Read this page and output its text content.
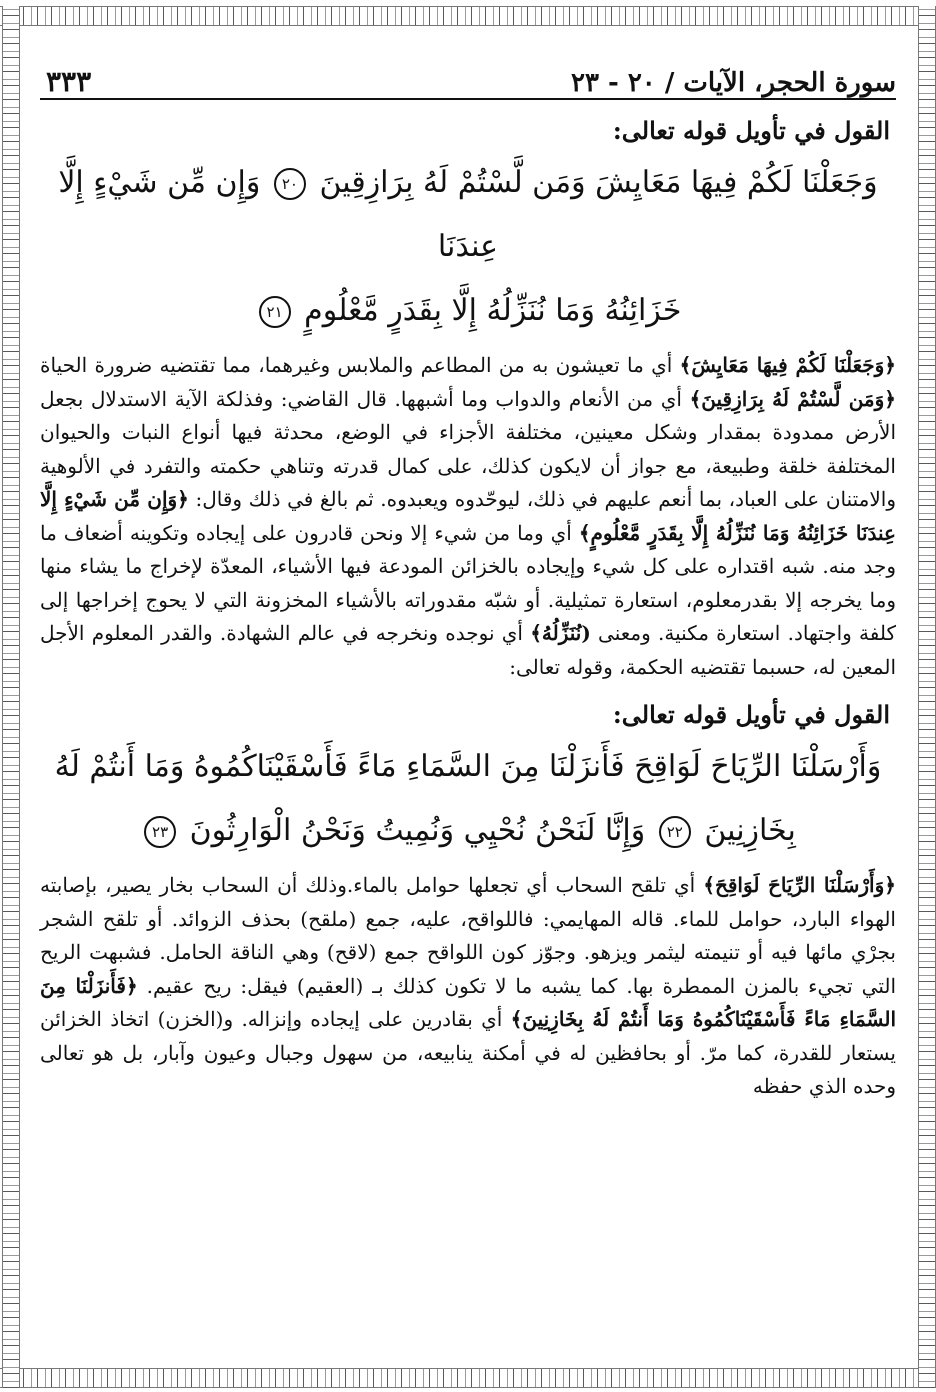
سورة الحجر، الآيات / ٢٠ - ٢٣
٣٣٣
القول في تأويل قوله تعالى:
وَجَعَلْنَا لَكُمْ فِيهَا مَعَايِشَ وَمَن لَّسْتُمْ لَهُ بِرَازِقِينَ ٢٠ وَإِن مِّن شَيْءٍ إِلَّا عِندَنَا
خَزَائِنُهُ وَمَا نُنَزِّلُهُ إِلَّا بِقَدَرٍ مَّعْلُومٍ ٢١

﴿وَجَعَلْنَا لَكُمْ فِيهَا مَعَايِشَ﴾ أي ما تعيشون به من المطاعم والملابس وغيرهما، مما تقتضيه ضرورة الحياة ﴿وَمَن لَّسْتُمْ لَهُ بِرَازِقِينَ﴾ أي من الأنعام والدواب وما أشبهها. قال القاضي: وفذلكة الآية الاستدلال بجعل الأرض ممدودة بمقدار وشكل معينين، مختلفة الأجزاء في الوضع، محدثة فيها أنواع النبات والحيوان المختلفة خلقة وطبيعة، مع جواز أن لايكون كذلك، على كمال قدرته وتناهي حكمته والتفرد في الألوهية والامتنان على العباد، بما أنعم عليهم في ذلك، ليوحّدوه ويعبدوه. ثم بالغ في ذلك وقال: ﴿وَإِن مِّن شَيْءٍ إِلَّا عِندَنَا خَزَائِنُهُ وَمَا نُنَزِّلُهُ إِلَّا بِقَدَرٍ مَّعْلُومٍ﴾ أي وما من شيء إلا ونحن قادرون على إيجاده وتكوينه أضعاف ما وجد منه. شبه اقتداره على كل شيء وإيجاده بالخزائن المودعة فيها الأشياء، المعدّة لإخراج ما يشاء منها وما يخرجه إلا بقدرمعلوم، استعارة تمثيلية. أو شبّه مقدوراته بالأشياء المخزونة التي لا يحوج إخراجها إلى كلفة واجتهاد. استعارة مكنية. ومعنى (نُنَزِّلُهُ﴾ أي نوجده ونخرجه في عالم الشهادة. والقدر المعلوم الأجل المعين له، حسبما تقتضيه الحكمة، وقوله تعالى:

القول في تأويل قوله تعالى:
وَأَرْسَلْنَا الرِّيَاحَ لَوَاقِحَ فَأَنزَلْنَا مِنَ السَّمَاءِ مَاءً فَأَسْقَيْنَاكُمُوهُ وَمَا أَنتُمْ لَهُ
بِخَازِنِينَ ٢٢ وَإِنَّا لَنَحْنُ نُحْيِي وَنُمِيتُ وَنَحْنُ الْوَارِثُونَ ٢٣

﴿وَأَرْسَلْنَا الرِّيَاحَ لَوَاقِحَ﴾ أي تلقح السحاب أي تجعلها حوامل بالماء.وذلك أن السحاب بخار يصير، بإصابته الهواء البارد، حوامل للماء. قاله المهايمي: فاللواقح، عليه، جمع (ملقح) بحذف الزوائد. أو تلقح الشجر بجرْي مائها فيه أو تنيمته ليثمر ويزهو. وجوّز كون اللواقح جمع (لاقح) وهي الناقة الحامل. فشبهت الريح التي تجيء بالمزن الممطرة بها. كما يشبه ما لا تكون كذلك بـ (العقيم) فيقل: ريح عقيم. ﴿فَأَنزَلْنَا مِنَ السَّمَاءِ مَاءً فَأَسْقَيْنَاكُمُوهُ وَمَا أَنتُمْ لَهُ بِخَازِنِينَ﴾ أي بقادرين على إيجاده وإنزاله. و(الخزن) اتخاذ الخزائن يستعار للقدرة، كما مرّ. أو بحافظين له في أمكنة ينابيعه، من سهول وجبال وعيون وآبار، بل هو تعالى وحده الذي حفظه
